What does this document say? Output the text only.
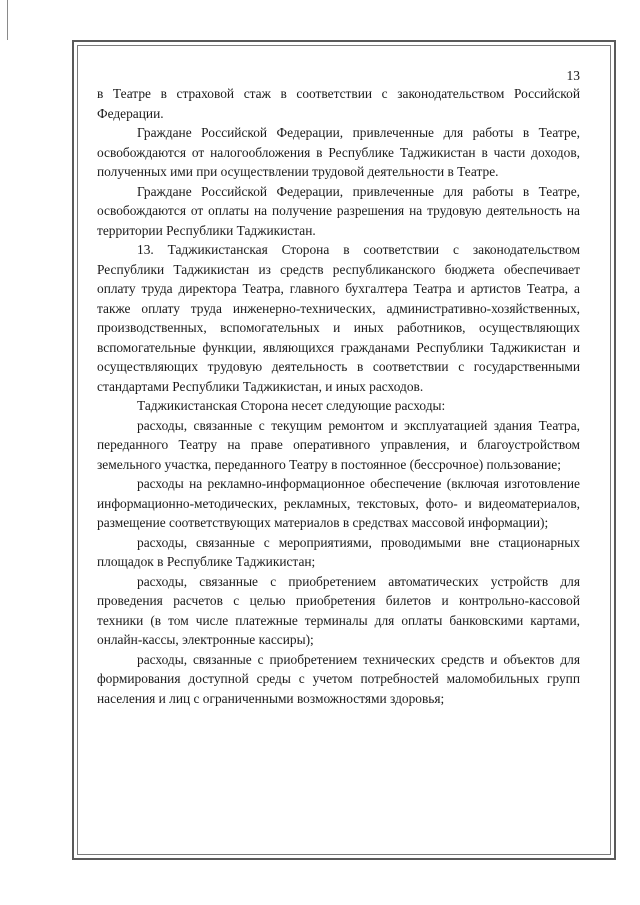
13

в Театре в страховой стаж в соответствии с законодательством Российской Федерации.

Граждане Российской Федерации, привлеченные для работы в Театре, освобождаются от налогообложения в Республике Таджикистан в части доходов, полученных ими при осуществлении трудовой деятельности в Театре.

Граждане Российской Федерации, привлеченные для работы в Театре, освобождаются от оплаты на получение разрешения на трудовую деятельность на территории Республики Таджикистан.

13. Таджикистанская Сторона в соответствии с законодательством Республики Таджикистан из средств республиканского бюджета обеспечивает оплату труда директора Театра, главного бухгалтера Театра и артистов Театра, а также оплату труда инженерно-технических, административно-хозяйственных, производственных, вспомогательных и иных работников, осуществляющих вспомогательные функции, являющихся гражданами Республики Таджикистан и осуществляющих трудовую деятельность в соответствии с государственными стандартами Республики Таджикистан, и иных расходов.

Таджикистанская Сторона несет следующие расходы:

расходы, связанные с текущим ремонтом и эксплуатацией здания Театра, переданного Театру на праве оперативного управления, и благоустройством земельного участка, переданного Театру в постоянное (бессрочное) пользование;

расходы на рекламно-информационное обеспечение (включая изготовление информационно-методических, рекламных, текстовых, фото- и видеоматериалов, размещение соответствующих материалов в средствах массовой информации);

расходы, связанные с мероприятиями, проводимыми вне стационарных площадок в Республике Таджикистан;

расходы, связанные с приобретением автоматических устройств для проведения расчетов с целью приобретения билетов и контрольно-кассовой техники (в том числе платежные терминалы для оплаты банковскими картами, онлайн-кассы, электронные кассиры);

расходы, связанные с приобретением технических средств и объектов для формирования доступной среды с учетом потребностей маломобильных групп населения и лиц с ограниченными возможностями здоровья;
